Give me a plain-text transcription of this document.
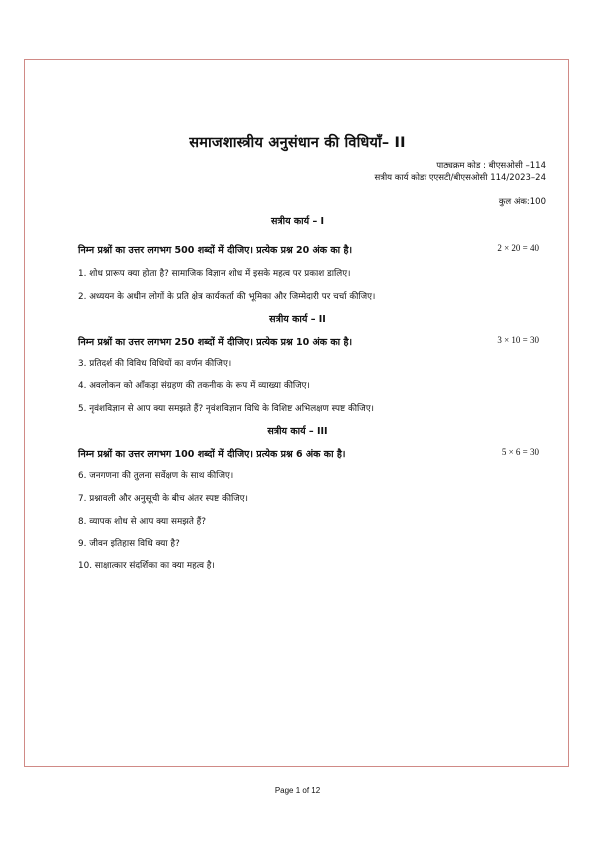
समाजशास्त्रीय अनुसंधान की विधियाँ– II
पाठ्यक्रम कोड : बीएसओसी –114
सत्रीय कार्य कोडः एएसटी/बीएसओसी 114/2023–24
कुल अंक:100
सत्रीय कार्य – I
निम्न प्रश्नों का उत्तर लगभग 500 शब्दों में दीजिए। प्रत्येक प्रश्न 20 अंक का है।	2 × 20 = 40
1. शोध प्रारूप क्या होता है? सामाजिक विज्ञान शोध में इसके महत्व पर प्रकाश डालिए।
2. अध्ययन के अधीन लोगों के प्रति क्षेत्र कार्यकर्ता की भूमिका और जिम्मेदारी पर चर्चा कीजिए।
सत्रीय कार्य – II
निम्न प्रश्नों का उत्तर लगभग 250 शब्दों में दीजिए। प्रत्येक प्रश्न 10 अंक का है।	3 × 10 = 30
3. प्रतिदर्श की विविध विधियों का वर्णन कीजिए।
4. अवलोकन को आँकड़ा संग्रहण की तकनीक के रूप में व्याख्या कीजिए।
5. नृवंशविज्ञान से आप क्या समझते हैं? नृवंशविज्ञान विधि के विशिष्ट अभिलक्षण स्पष्ट कीजिए।
सत्रीय कार्य – III
निम्न प्रश्नों का उत्तर लगभग 100 शब्दों में दीजिए। प्रत्येक प्रश्न 6 अंक का है।	5 × 6 = 30
6. जनगणना की तुलना सर्वेक्षण के साथ कीजिए।
7. प्रश्नावली और अनुसूची के बीच अंतर स्पष्ट कीजिए।
8. व्यापक शोध से आप क्या समझते हैं?
9. जीवन इतिहास विधि क्या है?
10. साक्षात्कार संदर्शिका का क्या महत्व है।
Page 1 of 12
